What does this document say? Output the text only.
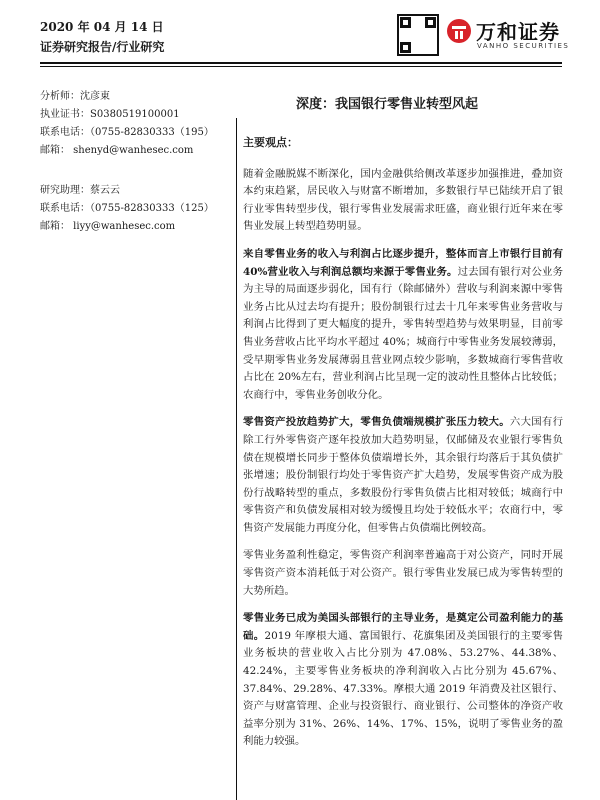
2020 年 04 月 14 日
证券研究报告/行业研究
万和证券
VANHO SECURITIES
分析师：沈彦東
执业证书：S0380519100001
联系电话：（0755-82830333（195）
邮箱： shenyd@wanhesec.com
研究助理：蔡云云
联系电话：（0755-82830333（125）
邮箱： liyy@wanhesec.com
深度：我国银行零售业转型风起
主要观点：

随着金融脱媒不断深化，国内金融供给侧改革逐步加强推进，叠加资本约束趋紧，居民收入与财富不断增加，多数银行早已陆续开启了银行业零售转型步伐，银行零售业发展需求旺盛，商业银行近年来在零售业发展上转型趋势明显。

来自零售业务的收入与利润占比逐步提升，整体而言上市银行目前有 40%营业收入与利润总额均来源于零售业务。过去国有银行对公业务为主导的局面逐步弱化，国有行（除邮储外）营收与利润来源中零售业务占比从过去均有提升；股份制银行过去十几年来零售业务营收与利润占比得到了更大幅度的提升，零售转型趋势与效果明显，目前零售业务营收占比平均水平超过 40%；城商行中零售业务发展较薄弱，受早期零售业务发展薄弱且营业网点较少影响，多数城商行零售营收占比在 20%左右，营业利润占比呈现一定的波动性且整体占比较低；农商行中，零售业务创收分化。

零售资产投放趋势扩大，零售负债端规模扩张压力较大。六大国有行除工行外零售资产逐年投放加大趋势明显，仅邮储及农业银行零售负债在规模增长同步于整体负债端增长外，其余银行均落后于其负债扩张增速；股份制银行均处于零售资产扩大趋势，发展零售资产成为股份行战略转型的重点，多数股份行零售负债占比相对较低；城商行中零售资产和负债发展相对较为缓慢且均处于较低水平；农商行中，零售资产发展能力再度分化，但零售占负债端比例较高。

零售业务盈利性稳定，零售资产利润率普遍高于对公资产，同时开展零售资产资本消耗低于对公资产。银行零售业发展已成为零售转型的大势所趋。

零售业务已成为美国头部银行的主导业务，是奠定公司盈利能力的基础。2019 年摩根大通、富国银行、花旗集团及美国银行的主要零售业务板块的营业收入占比分别为 47.08%、53.27%、44.38%、42.24%，主要零售业务板块的净利润收入占比分别为 45.67%、37.84%、29.28%、47.33%。摩根大通 2019 年消费及社区银行、资产与财富管理、企业与投资银行、商业银行、公司整体的净资产收益率分别为 31%、26%、14%、17%、15%，说明了零售业务的盈利能力较强。
